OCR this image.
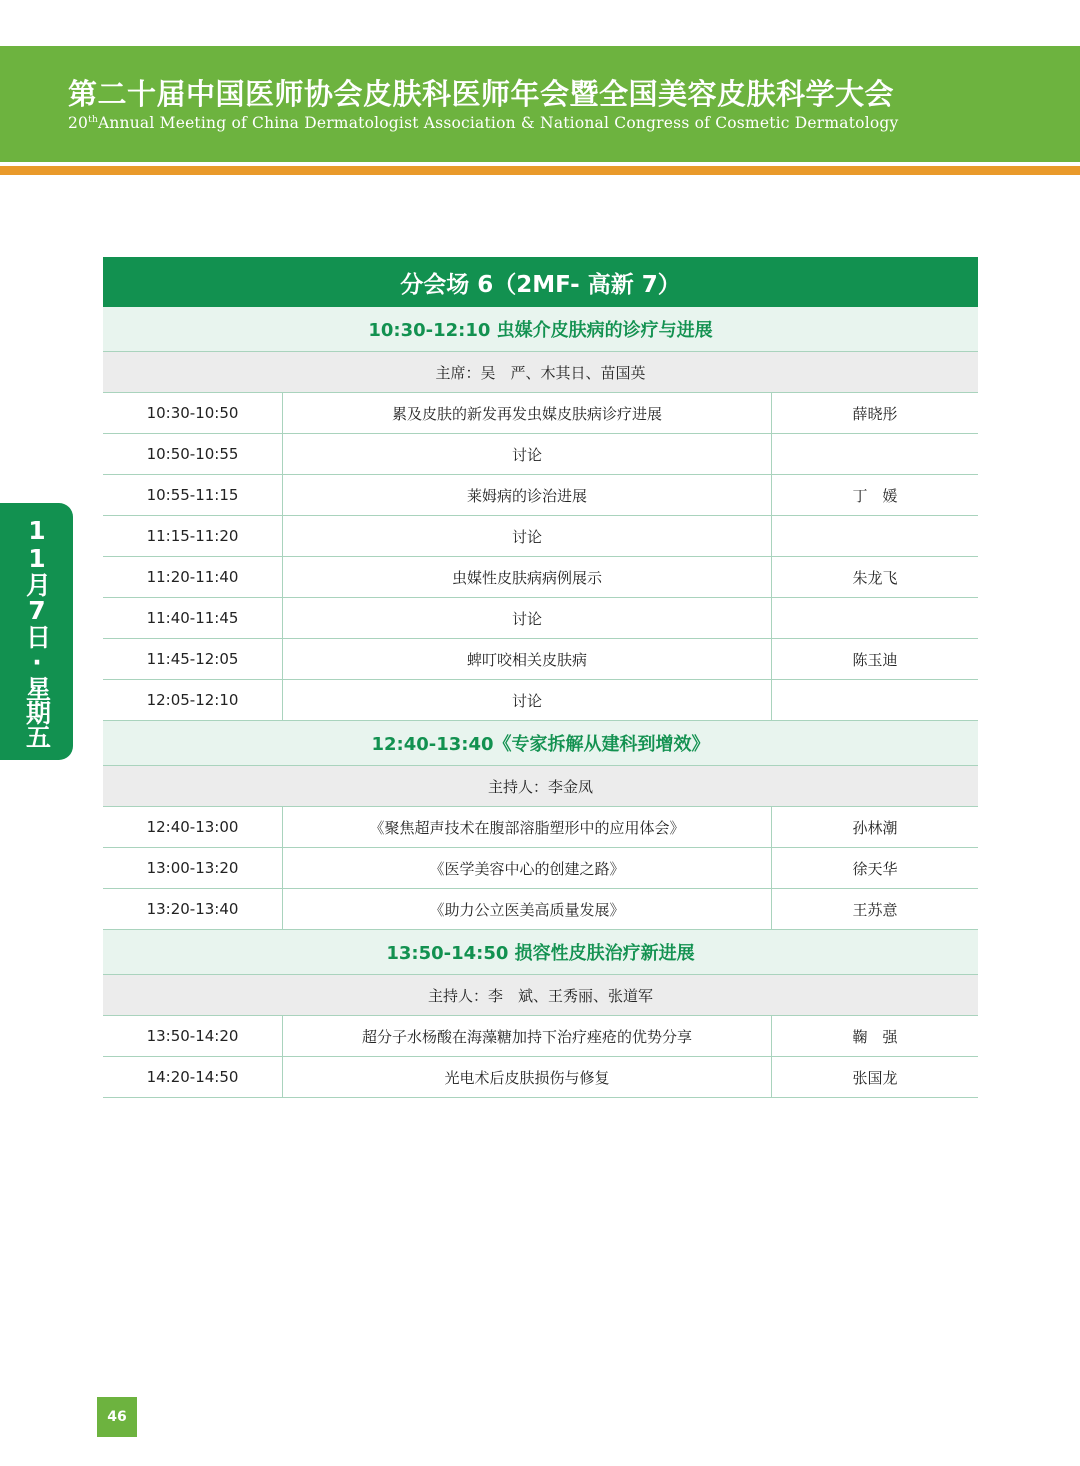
第二十届中国医师协会皮肤科医师年会暨全国美容皮肤科学大会
20thAnnual Meeting of China Dermatologist Association & National Congress of Cosmetic Dermatology
11月7日·星期五
分会场 6（2MF- 高新 7）
10:30-12:10 虫媒介皮肤病的诊疗与进展
主席：吴　严、木其日、苗国英
10:30-10:50	累及皮肤的新发再发虫媒皮肤病诊疗进展	薛晓彤
10:50-10:55	讨论
10:55-11:15	莱姆病的诊治进展	丁　媛
11:15-11:20	讨论
11:20-11:40	虫媒性皮肤病病例展示	朱龙飞
11:40-11:45	讨论
11:45-12:05	蜱叮咬相关皮肤病	陈玉迪
12:05-12:10	讨论
12:40-13:40《专家拆解从建科到增效》
主持人：李金凤
12:40-13:00	《聚焦超声技术在腹部溶脂塑形中的应用体会》	孙林潮
13:00-13:20	《医学美容中心的创建之路》	徐天华
13:20-13:40	《助力公立医美高质量发展》	王苏意
13:50-14:50 损容性皮肤治疗新进展
主持人：李　斌、王秀丽、张道军
13:50-14:20	超分子水杨酸在海藻糖加持下治疗痤疮的优势分享	鞠　强
14:20-14:50	光电术后皮肤损伤与修复	张国龙
46
